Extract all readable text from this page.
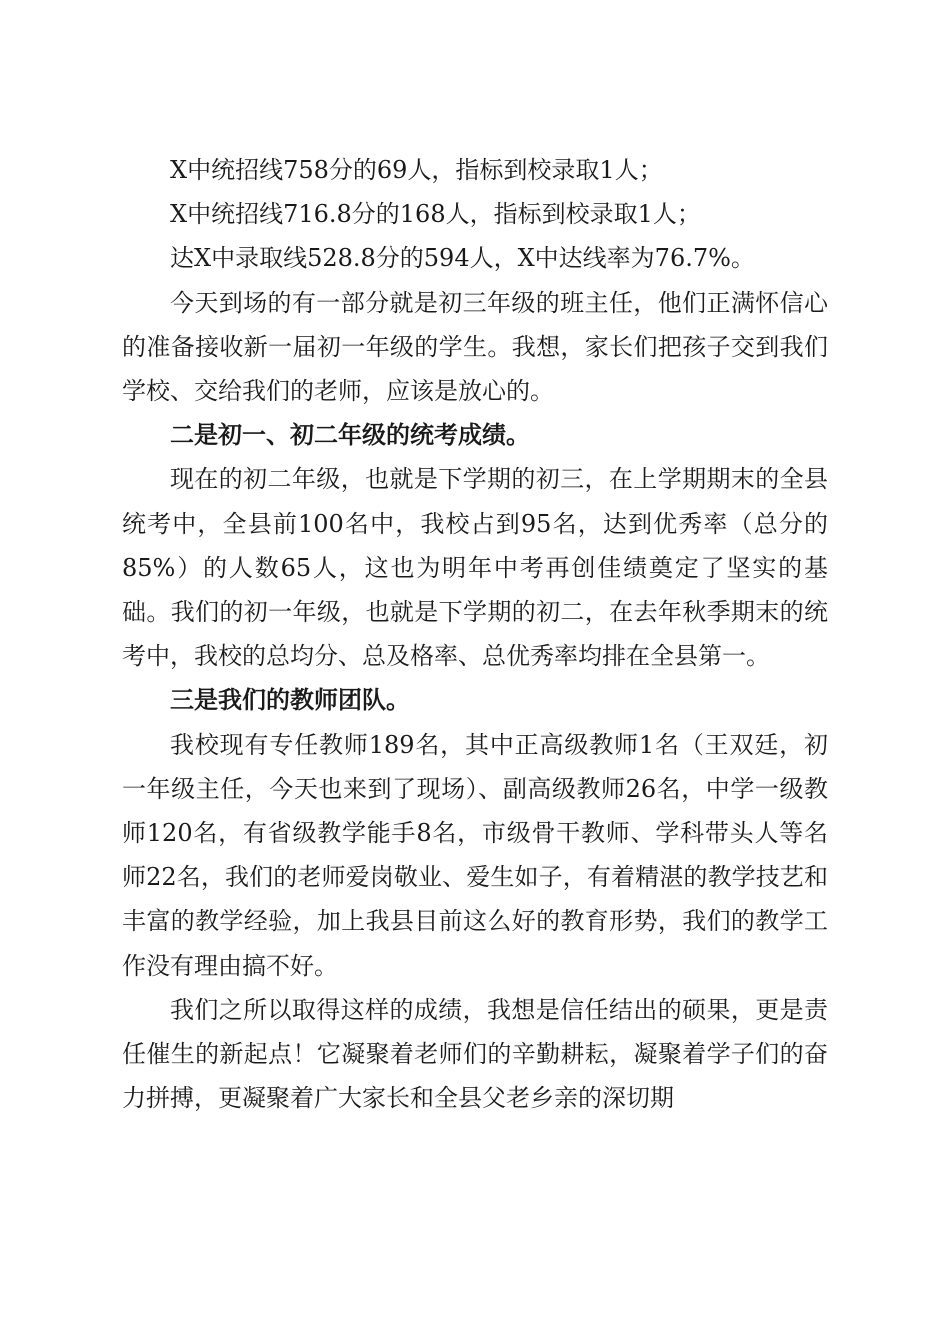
X中统招线758分的69人，指标到校录取1人；

X中统招线716.8分的168人，指标到校录取1人；

达X中录取线528.8分的594人，X中达线率为76.7%。

今天到场的有一部分就是初三年级的班主任，他们正满怀信心的准备接收新一届初一年级的学生。我想，家长们把孩子交到我们学校、交给我们的老师，应该是放心的。

二是初一、初二年级的统考成绩。

现在的初二年级，也就是下学期的初三，在上学期期末的全县统考中，全县前100名中，我校占到95名，达到优秀率（总分的85%）的人数65人，这也为明年中考再创佳绩奠定了坚实的基础。我们的初一年级，也就是下学期的初二，在去年秋季期末的统考中，我校的总均分、总及格率、总优秀率均排在全县第一。

三是我们的教师团队。

我校现有专任教师189名，其中正高级教师1名（王双廷，初一年级主任，今天也来到了现场）、副高级教师26名，中学一级教师120名，有省级教学能手8名，市级骨干教师、学科带头人等名师22名，我们的老师爱岗敬业、爱生如子，有着精湛的教学技艺和丰富的教学经验，加上我县目前这么好的教育形势，我们的教学工作没有理由搞不好。

我们之所以取得这样的成绩，我想是信任结出的硕果，更是责任催生的新起点！它凝聚着老师们的辛勤耕耘，凝聚着学子们的奋力拼搏，更凝聚着广大家长和全县父老乡亲的深切期
